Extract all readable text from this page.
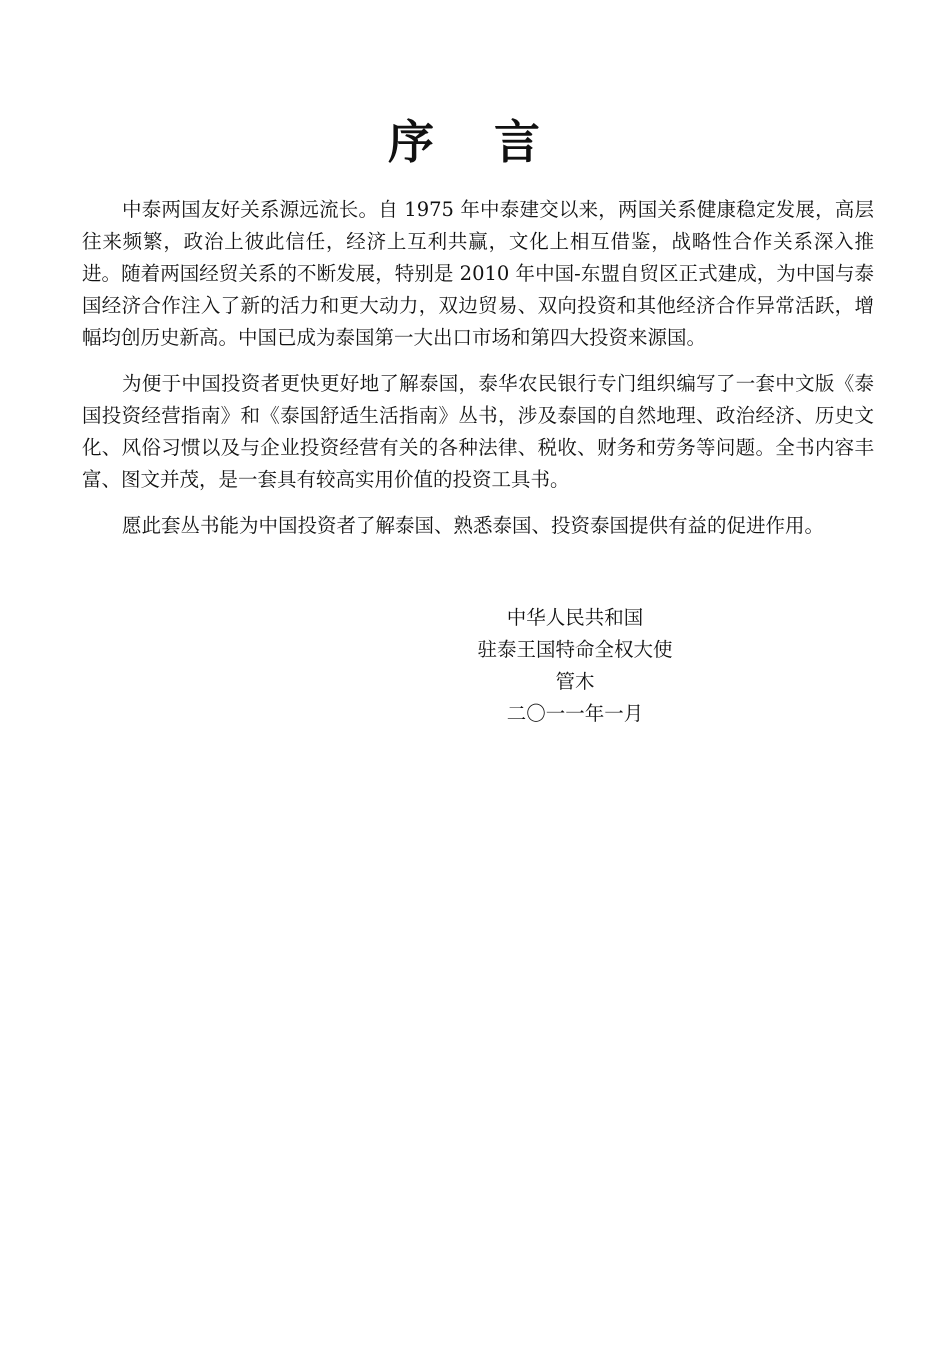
序 言

中泰两国友好关系源远流长。自 1975 年中泰建交以来，两国关系健康稳定发展，高层往来频繁，政治上彼此信任，经济上互利共赢，文化上相互借鉴，战略性合作关系深入推进。随着两国经贸关系的不断发展，特别是 2010 年中国-东盟自贸区正式建成，为中国与泰国经济合作注入了新的活力和更大动力，双边贸易、双向投资和其他经济合作异常活跃，增幅均创历史新高。中国已成为泰国第一大出口市场和第四大投资来源国。

为便于中国投资者更快更好地了解泰国，泰华农民银行专门组织编写了一套中文版《泰国投资经营指南》和《泰国舒适生活指南》丛书，涉及泰国的自然地理、政治经济、历史文化、风俗习惯以及与企业投资经营有关的各种法律、税收、财务和劳务等问题。全书内容丰富、图文并茂，是一套具有较高实用价值的投资工具书。

愿此套丛书能为中国投资者了解泰国、熟悉泰国、投资泰国提供有益的促进作用。

中华人民共和国
驻泰王国特命全权大使
管木
二〇一一年一月
